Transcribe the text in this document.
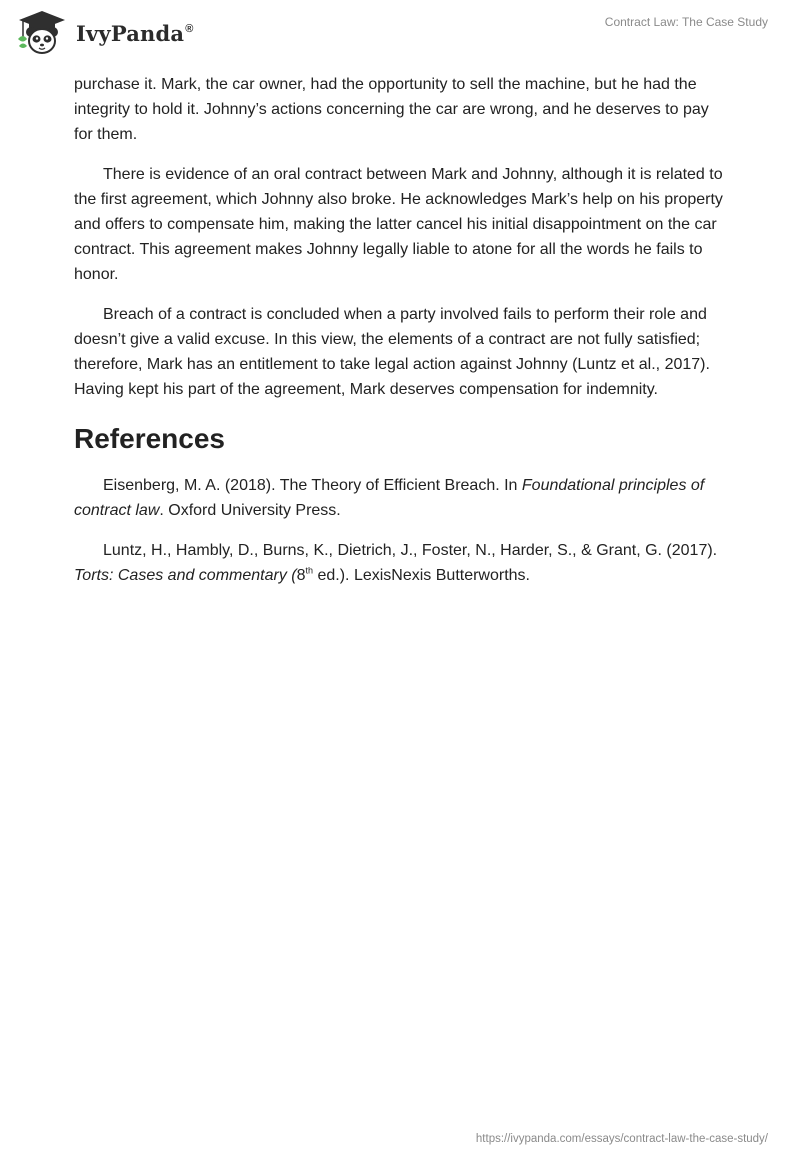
IvyPanda®	Contract Law: The Case Study

purchase it. Mark, the car owner, had the opportunity to sell the machine, but he had the integrity to hold it. Johnny’s actions concerning the car are wrong, and he deserves to pay for them.

There is evidence of an oral contract between Mark and Johnny, although it is related to the first agreement, which Johnny also broke. He acknowledges Mark’s help on his property and offers to compensate him, making the latter cancel his initial disappointment on the car contract. This agreement makes Johnny legally liable to atone for all the words he fails to honor.

Breach of a contract is concluded when a party involved fails to perform their role and doesn’t give a valid excuse. In this view, the elements of a contract are not fully satisfied; therefore, Mark has an entitlement to take legal action against Johnny (Luntz et al., 2017). Having kept his part of the agreement, Mark deserves compensation for indemnity.

References

Eisenberg, M. A. (2018). The Theory of Efficient Breach. In Foundational principles of contract law. Oxford University Press.

Luntz, H., Hambly, D., Burns, K., Dietrich, J., Foster, N., Harder, S., & Grant, G. (2017). Torts: Cases and commentary (8th ed.). LexisNexis Butterworths.

https://ivypanda.com/essays/contract-law-the-case-study/
